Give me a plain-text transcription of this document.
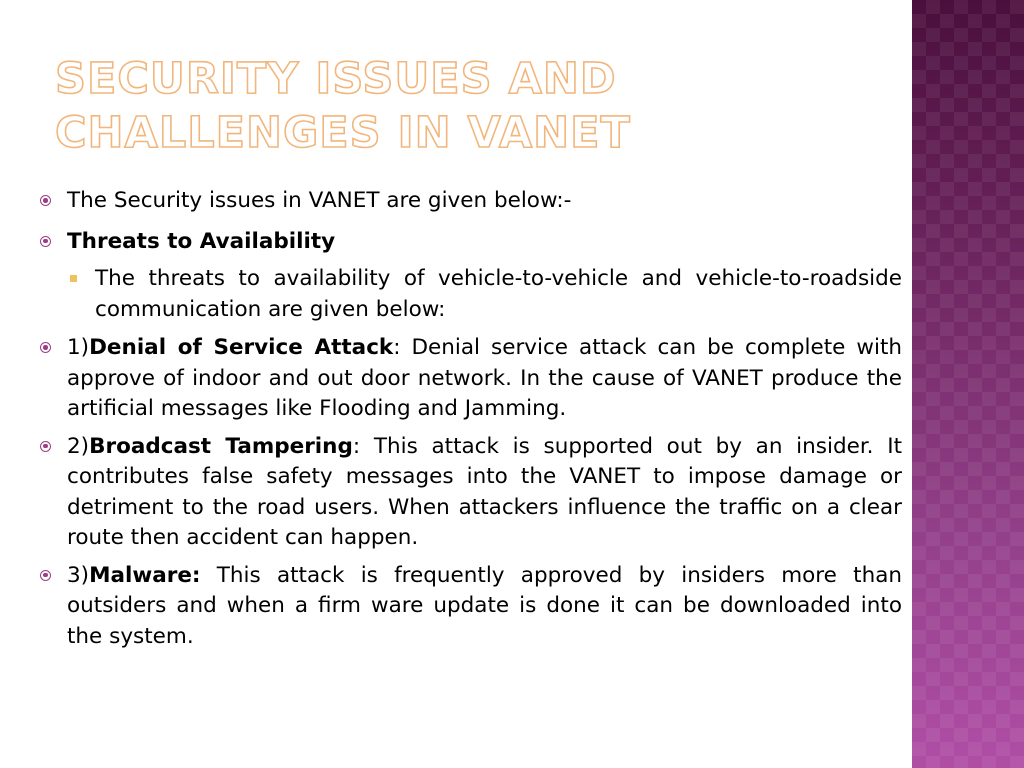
SECURITY ISSUES AND CHALLENGES IN VANET
The Security issues in VANET are given below:-
Threats to Availability
The threats to availability of vehicle-to-vehicle and vehicle-to-roadside communication are given below:
1)Denial of Service Attack: Denial service attack can be complete with approve of indoor and out door network. In the cause of VANET produce the artificial messages like Flooding and Jamming.
2)Broadcast Tampering: This attack is supported out by an insider. It contributes false safety messages into the VANET to impose damage or detriment to the road users. When attackers influence the traffic on a clear route then accident can happen.
3)Malware: This attack is frequently approved by insiders more than outsiders and when a firm ware update is done it can be downloaded into the system.
